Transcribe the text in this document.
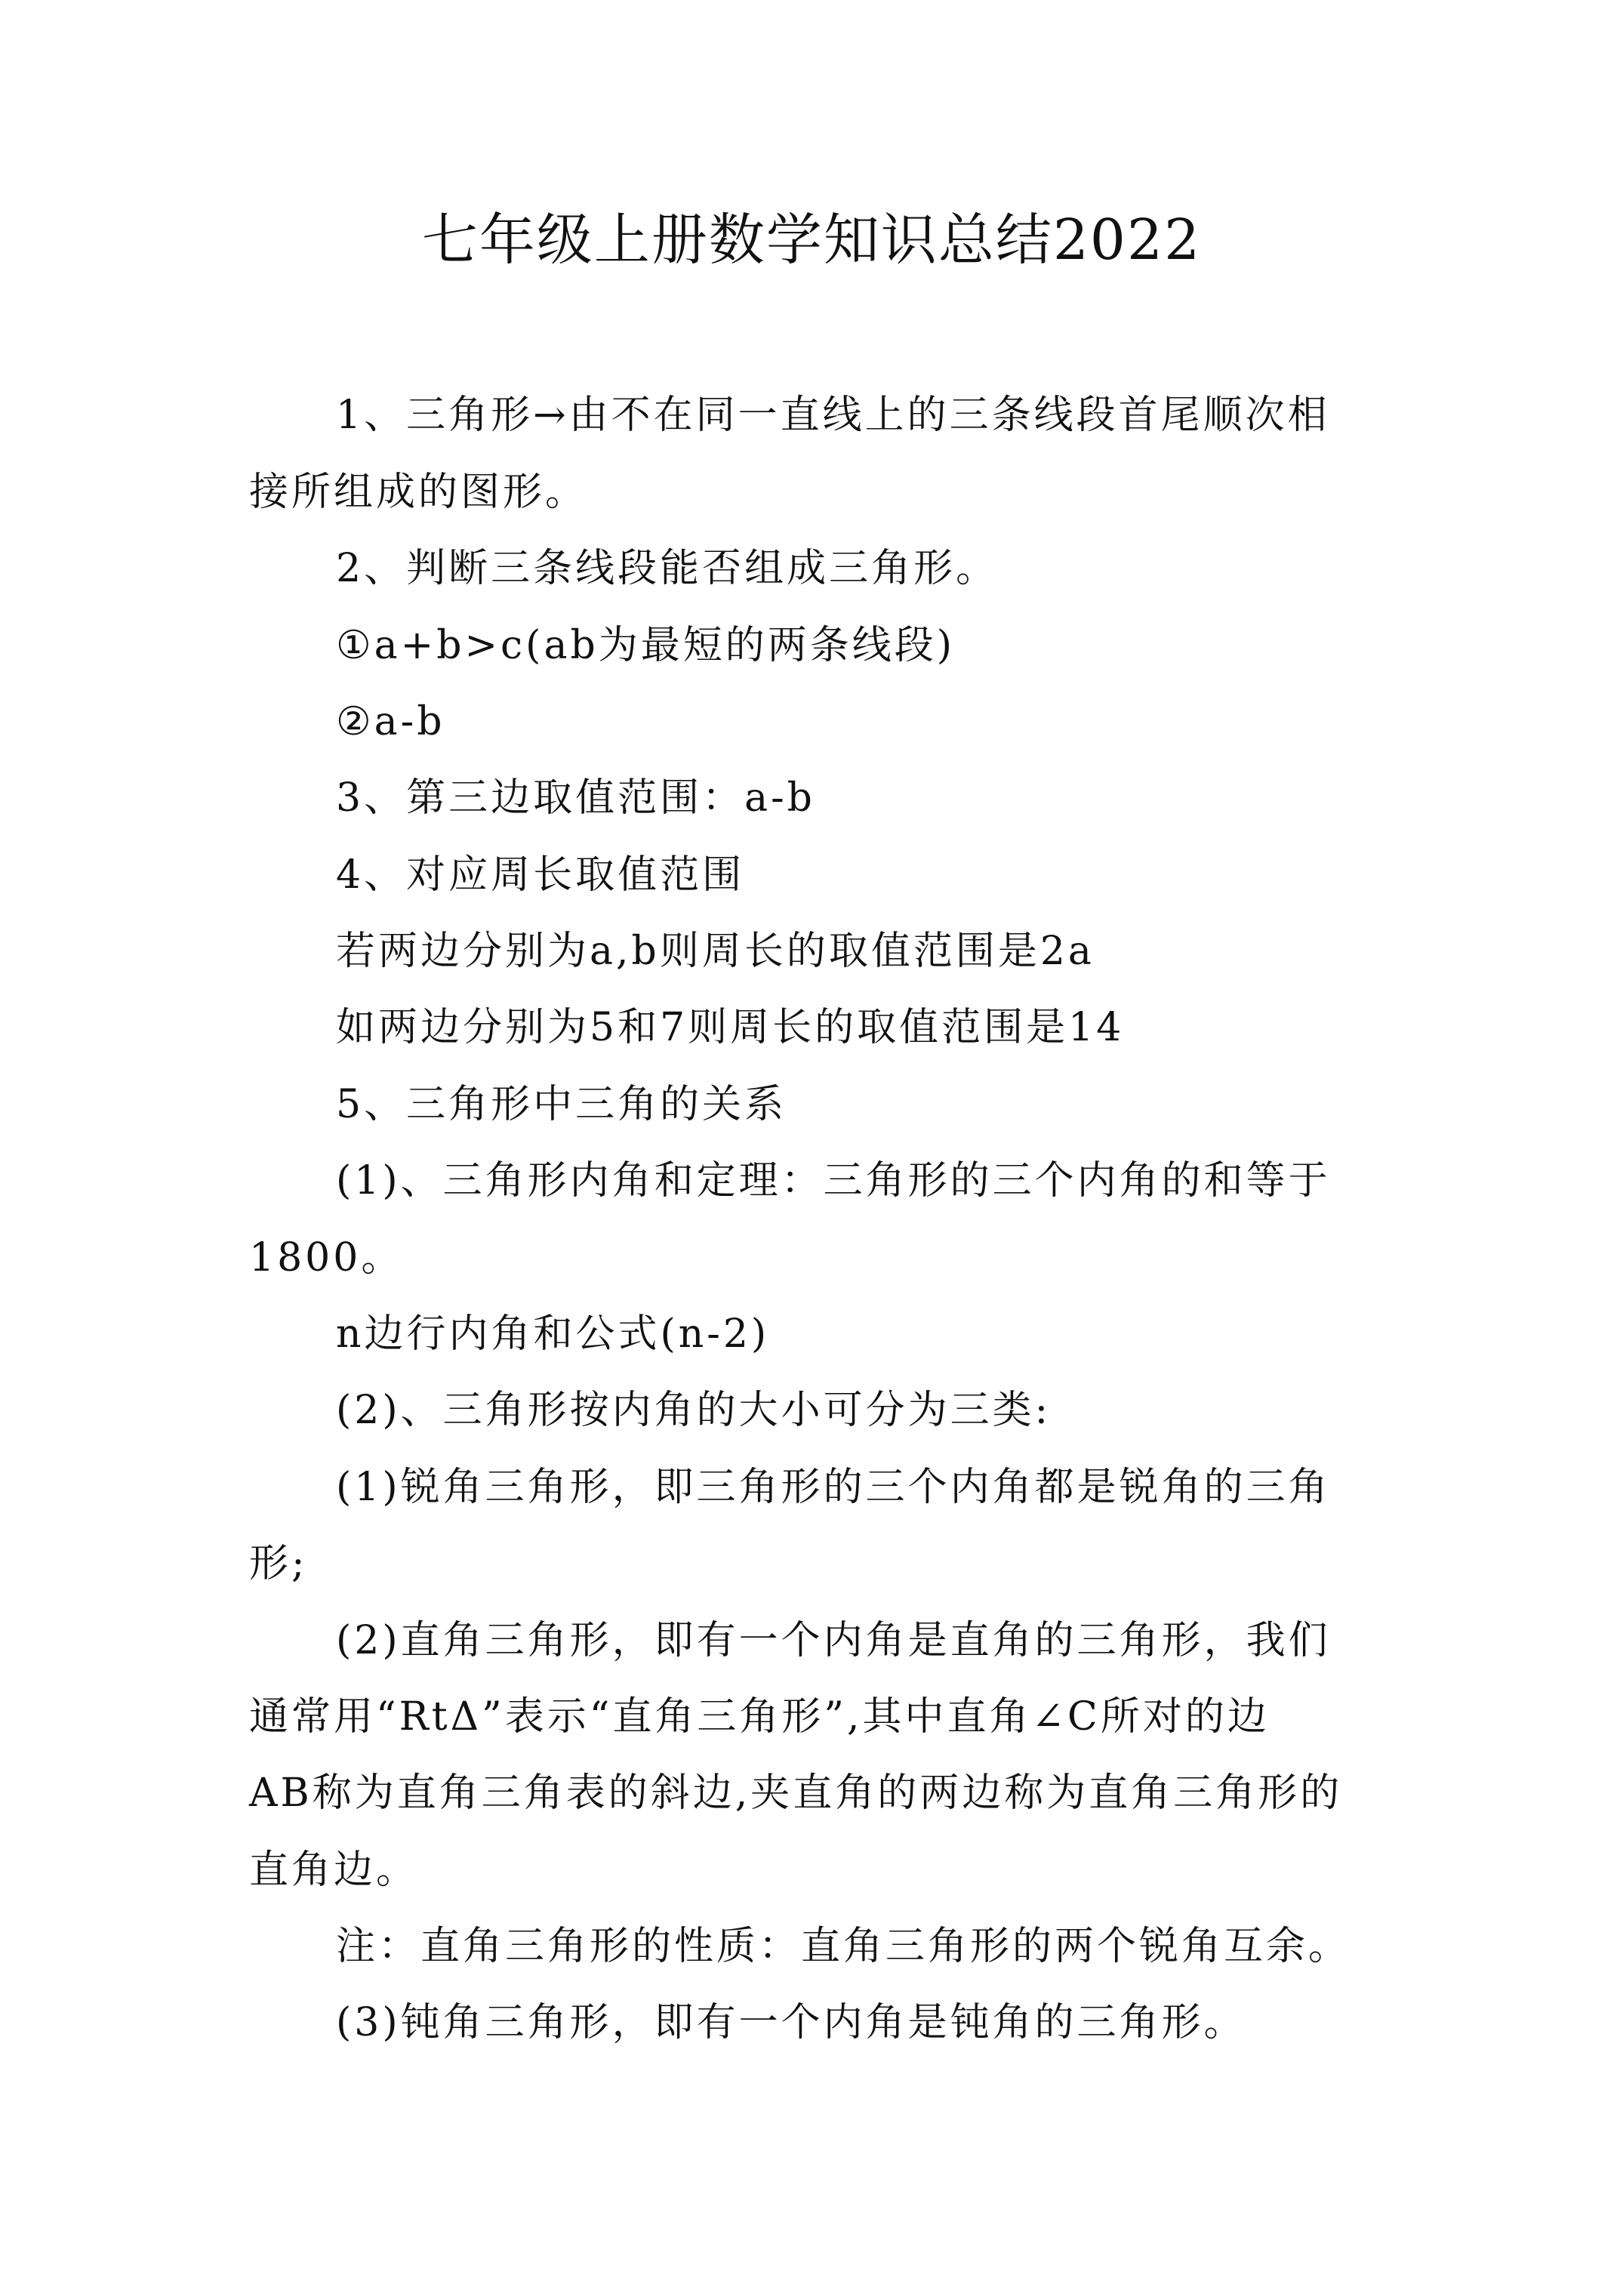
七年级上册数学知识总结2022
1、三角形→由不在同一直线上的三条线段首尾顺次相
接所组成的图形。
2、判断三条线段能否组成三角形。
①a+b>c(ab为最短的两条线段)
②a-b
3、第三边取值范围：a-b
4、对应周长取值范围
若两边分别为a,b则周长的取值范围是2a
如两边分别为5和7则周长的取值范围是14
5、三角形中三角的关系
(1)、三角形内角和定理：三角形的三个内角的和等于
1800。
n边行内角和公式(n-2)
(2)、三角形按内角的大小可分为三类:
(1)锐角三角形，即三角形的三个内角都是锐角的三角
形;
(2)直角三角形，即有一个内角是直角的三角形，我们
通常用“RtΔ”表示“直角三角形”,其中直角∠C所对的边
AB称为直角三角表的斜边,夹直角的两边称为直角三角形的
直角边。
注：直角三角形的性质：直角三角形的两个锐角互余。
(3)钝角三角形，即有一个内角是钝角的三角形。
